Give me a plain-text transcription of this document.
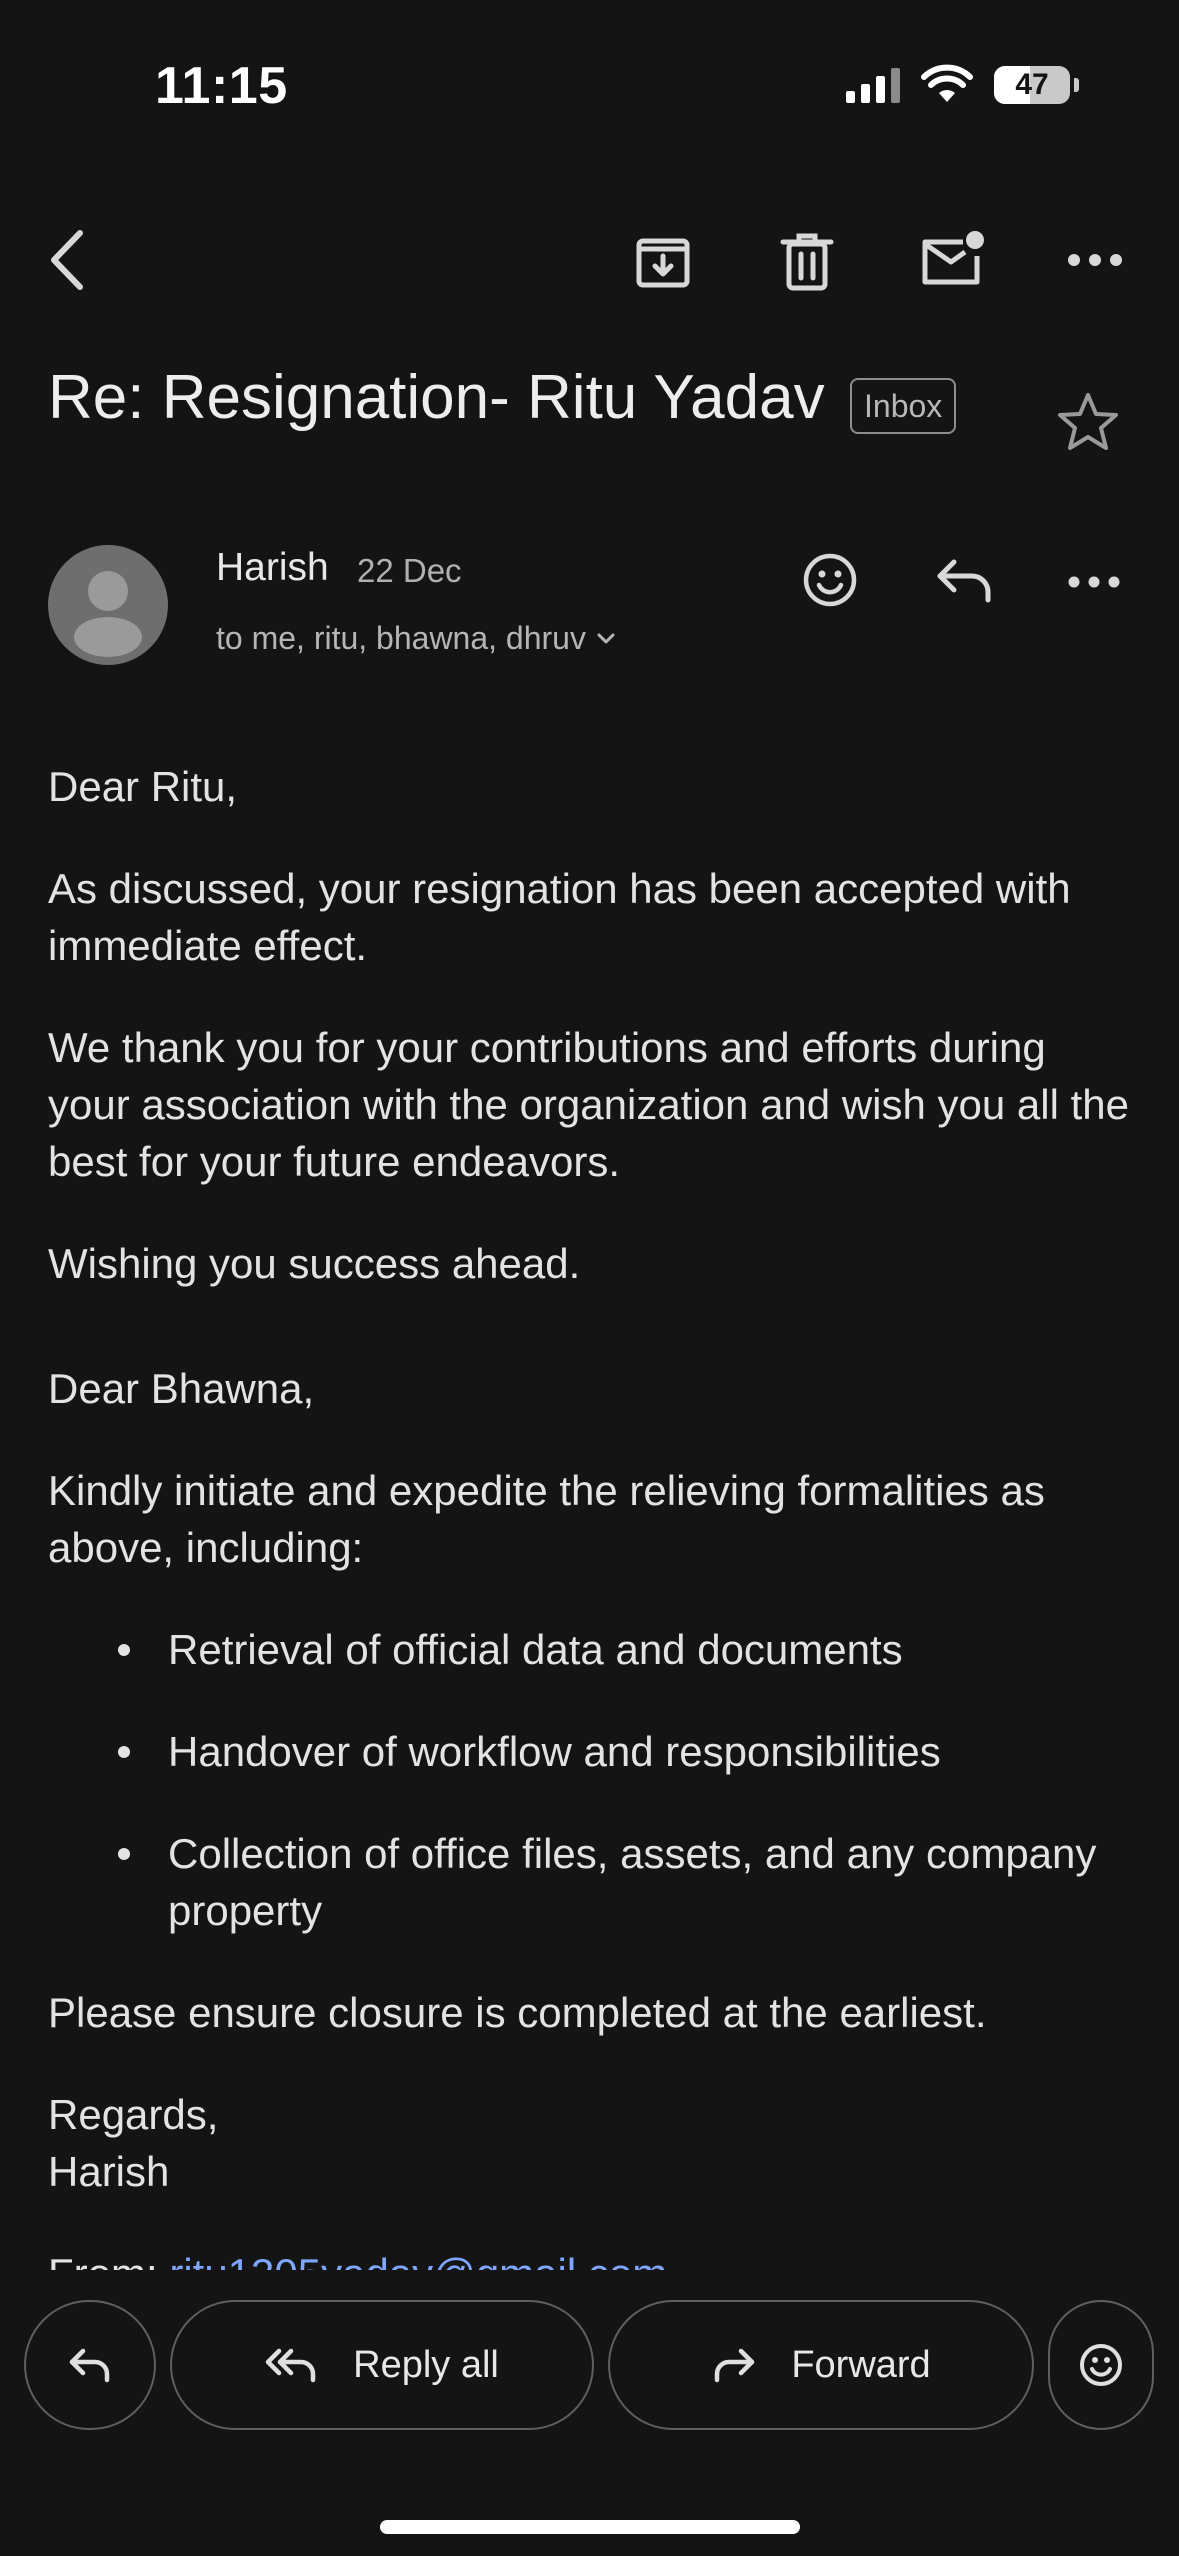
11:15	47
Re: Resignation- Ritu Yadav	Inbox
Harish 22 Dec
to me, ritu, bhawna, dhruv

Dear Ritu,

As discussed, your resignation has been accepted with immediate effect.

We thank you for your contributions and efforts during your association with the organization and wish you all the best for your future endeavors.

Wishing you success ahead.

Dear Bhawna,

Kindly initiate and expedite the relieving formalities as above, including:

Retrieval of official data and documents
Handover of workflow and responsibilities
Collection of office files, assets, and any company property

Please ensure closure is completed at the earliest.

Regards,

Harish

Reply all	Forward
